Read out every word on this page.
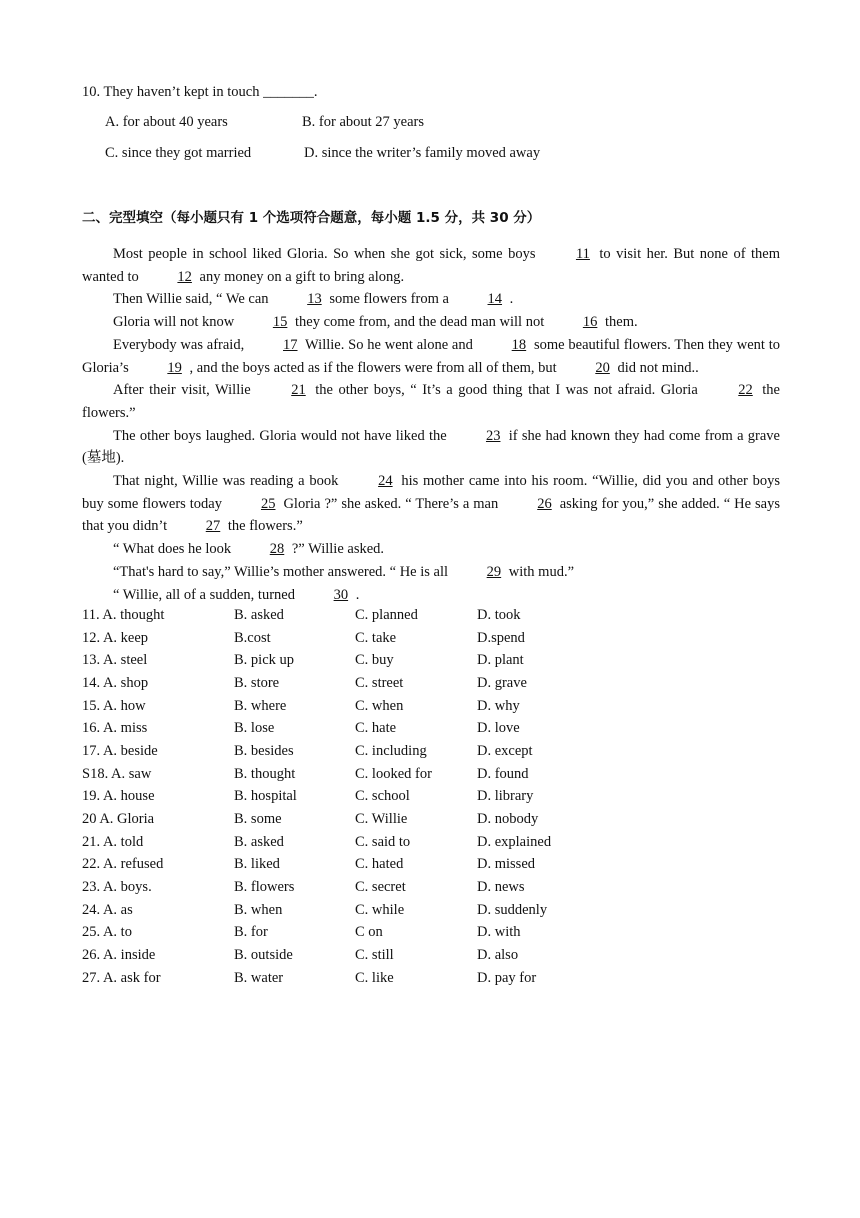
10. They haven’t kept in touch _______.
A. for about 40 years	B. for about 27 years
C. since they got married	D. since the writer’s family moved away
二、完型填空（每小题只有 1 个选项符合题意，每小题 1.5 分，共 30 分）

Most people in school liked Gloria. So when she got sick, some boys 11 to visit her. But none of them wanted to 12 any money on a gift to bring along.

Then Willie said, “ We can 13 some flowers from a 14 .

Gloria will not know 15 they come from, and the dead man will not 16 them.

Everybody was afraid, 17 Willie. So he went alone and 18 some beautiful flowers. Then they went to Gloria’s 19 , and the boys acted as if the flowers were from all of them, but 20 did not mind..

After their visit, Willie 21 the other boys, “ It’s a good thing that I was not afraid. Gloria 22 the flowers.”

The other boys laughed. Gloria would not have liked the 23 if she had known they had come from a grave (墓地).

That night, Willie was reading a book 24 his mother came into his room. “Willie, did you and other boys buy some flowers today 25 Gloria ?” she asked. “ There’s a man 26 asking for you,” she added. “ He says that you didn’t 27 the flowers.”

“ What does he look 28 ?” Willie asked.

“That's hard to say,” Willie’s mother answered. “ He is all 29 with mud.”

“ Willie, all of a sudden, turned 30 .

11. A. thought	B. asked	C. planned	D. took
12. A. keep	B.cost	C. take	D.spend
13. A. steel	B. pick up	C. buy	D. plant
14. A. shop	B. store	C. street	D. grave
15. A. how	B. where	C. when	D. why
16. A. miss	B. lose	C. hate	D. love
17. A. beside	B. besides	C. including	D. except
S18. A. saw	B. thought	C. looked for	D. found
19. A. house	B. hospital	C. school	D. library
20 A. Gloria	B. some	C. Willie	D. nobody
21. A. told	B. asked	C. said to	D. explained
22. A. refused	B. liked	C. hated	D. missed
23. A. boys.	B. flowers	C. secret	D. news
24. A. as	B. when	C. while	D. suddenly
25. A. to	B. for	C on	D. with
26. A. inside	B. outside	C. still	D. also
27. A. ask for	B. water	C. like	D. pay for
